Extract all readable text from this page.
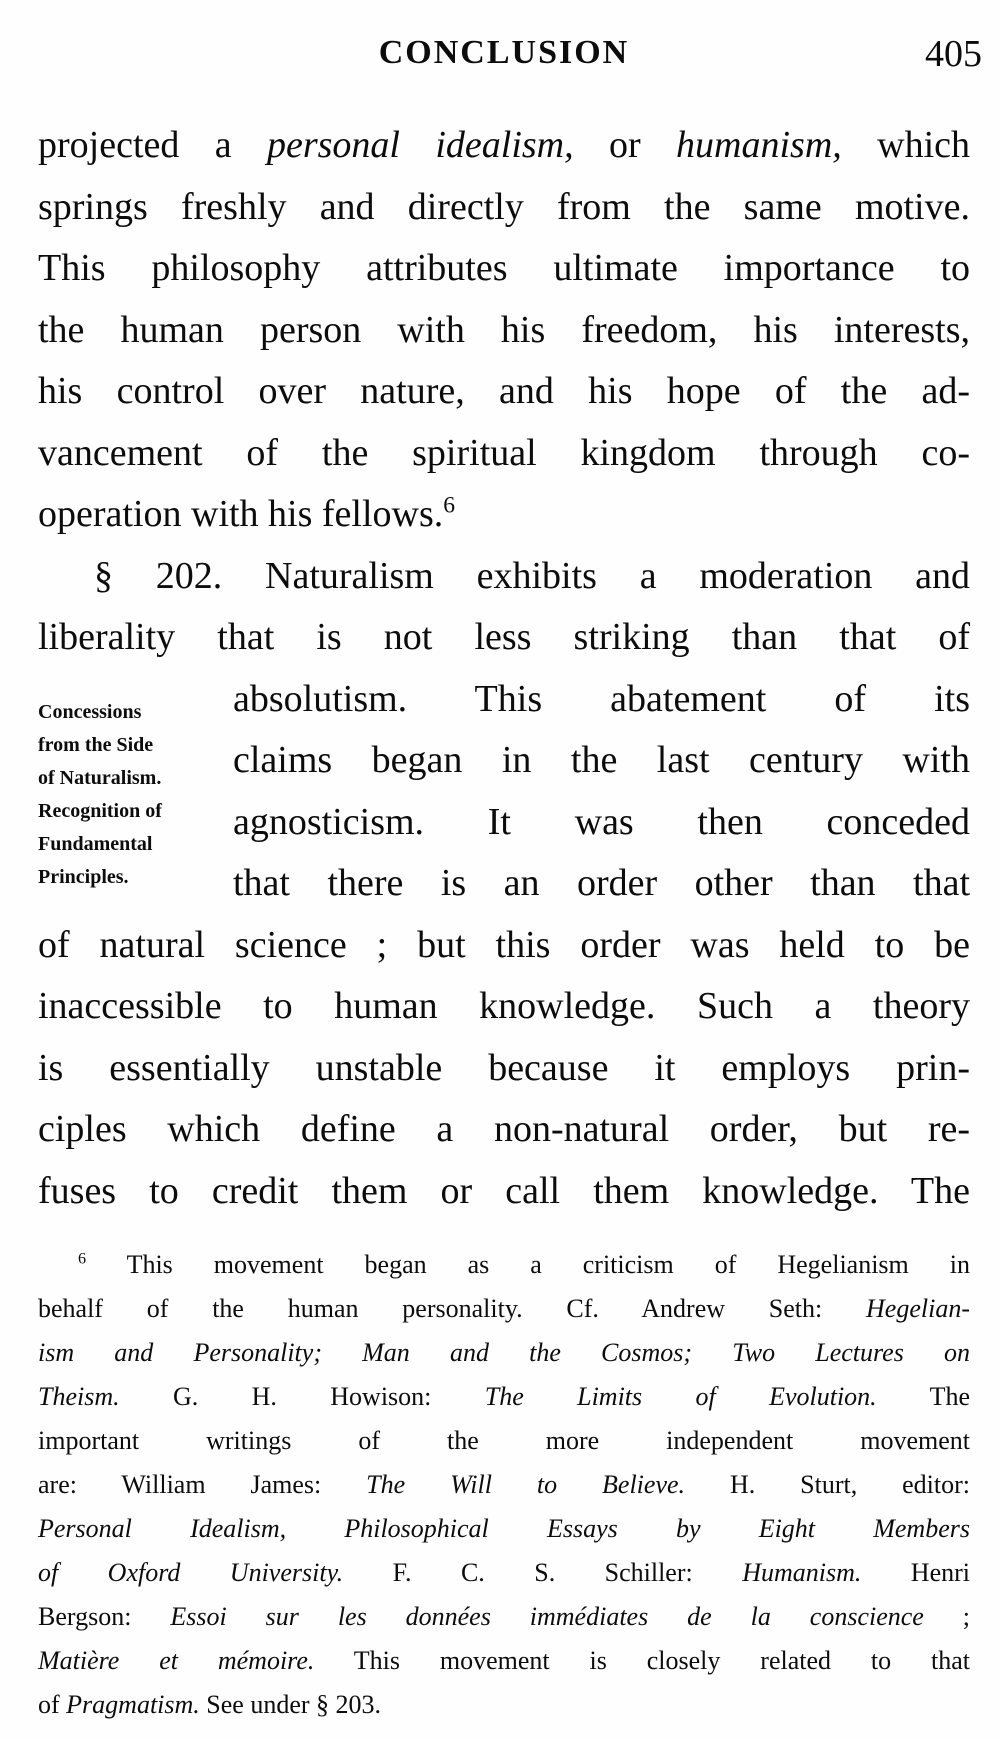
CONCLUSION	405
projected a personal idealism, or humanism, which
springs freshly and directly from the same motive.
This philosophy attributes ultimate importance to
the human person with his freedom, his interests,
his control over nature, and his hope of the ad-
vancement of the spiritual kingdom through co-
operation with his fellows.$^6$
§ 202. Naturalism exhibits a moderation and
liberality that is not less striking than that of
absolutism. This abatement of its
claims began in the last century with
agnosticism. It was then conceded
that there is an order other than that
of natural science ; but this order was held to be
inaccessible to human knowledge. Such a theory
is essentially unstable because it employs prin-
ciples which define a non-natural order, but re-
fuses to credit them or call them knowledge. The
Concessions
from the Side
of Naturalism.
Recognition of
Fundamental
Principles.
$^6$ This movement began as a criticism of Hegelianism in
behalf of the human personality. Cf. Andrew Seth: Hegelian-
ism and Personality; Man and the Cosmos; Two Lectures on
Theism. G. H. Howison: The Limits of Evolution. The
important writings of the more independent movement
are: William James: The Will to Believe. H. Sturt, editor:
Personal Idealism, Philosophical Essays by Eight Members
of Oxford University. F. C. S. Schiller: Humanism. Henri
Bergson: Essoi sur les données immédiates de la conscience ;
Matière et mémoire. This movement is closely related to that
of Pragmatism. See under § 203.
